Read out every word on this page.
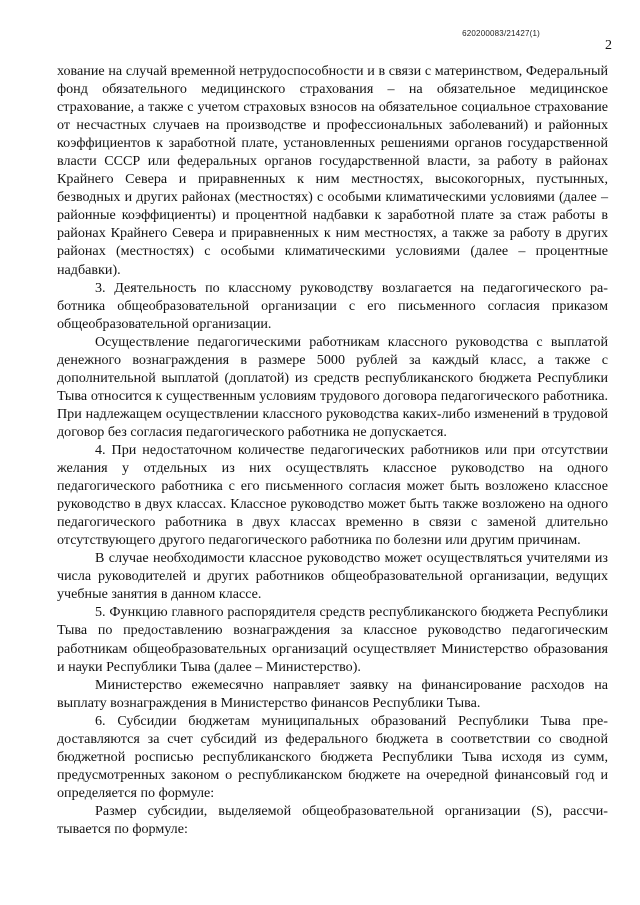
620200083/21427(1)
2

хование на случай временной нетрудоспособности и в связи с материнством, Федеральный фонд обязательного медицинского страхования – на обязательное медицинское страхование, а также с учетом страховых взносов на обязательное социальное страхование от несчастных случаев на производстве и профессиональных заболеваний) и районных коэффициентов к заработной плате, установленных решениями органов государственной власти СССР или федеральных органов государственной власти, за работу в районах Крайнего Севера и приравненных к ним местностях, высокогорных, пустынных, безводных и других районах (местностях) с особыми климатическими условиями (далее – районные коэффициенты) и процентной надбавки к заработной плате за стаж работы в районах Крайнего Севера и приравненных к ним местностях, а также за работу в других районах (местностях) с особыми климатическими условиями (далее – процентные надбавки).

3. Деятельность по классному руководству возлагается на педагогического работника общеобразовательной организации с его письменного согласия приказом общеобразовательной организации.

Осуществление педагогическими работникам классного руководства с выплатой денежного вознаграждения в размере 5000 рублей за каждый класс, а также с дополнительной выплатой (доплатой) из средств республиканского бюджета Республики Тыва относится к существенным условиям трудового договора педагогического работника. При надлежащем осуществлении классного руководства каких-либо изменений в трудовой договор без согласия педагогического работника не допускается.

4. При недостаточном количестве педагогических работников или при отсутствии желания у отдельных из них осуществлять классное руководство на одного педагогического работника с его письменного согласия может быть возложено классное руководство в двух классах. Классное руководство может быть также возложено на одного педагогического работника в двух классах временно в связи с заменой длительно отсутствующего другого педагогического работника по болезни или другим причинам.

В случае необходимости классное руководство может осуществляться учителями из числа руководителей и других работников общеобразовательной организации, ведущих учебные занятия в данном классе.

5. Функцию главного распорядителя средств республиканского бюджета Республики Тыва по предоставлению вознаграждения за классное руководство педагогическим работникам общеобразовательных организаций осуществляет Министерство образования и науки Республики Тыва (далее – Министерство).

Министерство ежемесячно направляет заявку на финансирование расходов на выплату вознаграждения в Министерство финансов Республики Тыва.

6. Субсидии бюджетам муниципальных образований Республики Тыва предоставляются за счет субсидий из федерального бюджета в соответствии со сводной бюджетной росписью республиканского бюджета Республики Тыва исходя из сумм, предусмотренных законом о республиканском бюджете на очередной финансовый год и определяется по формуле:

Размер субсидии, выделяемой общеобразовательной организации (S), рассчитывается по формуле:
